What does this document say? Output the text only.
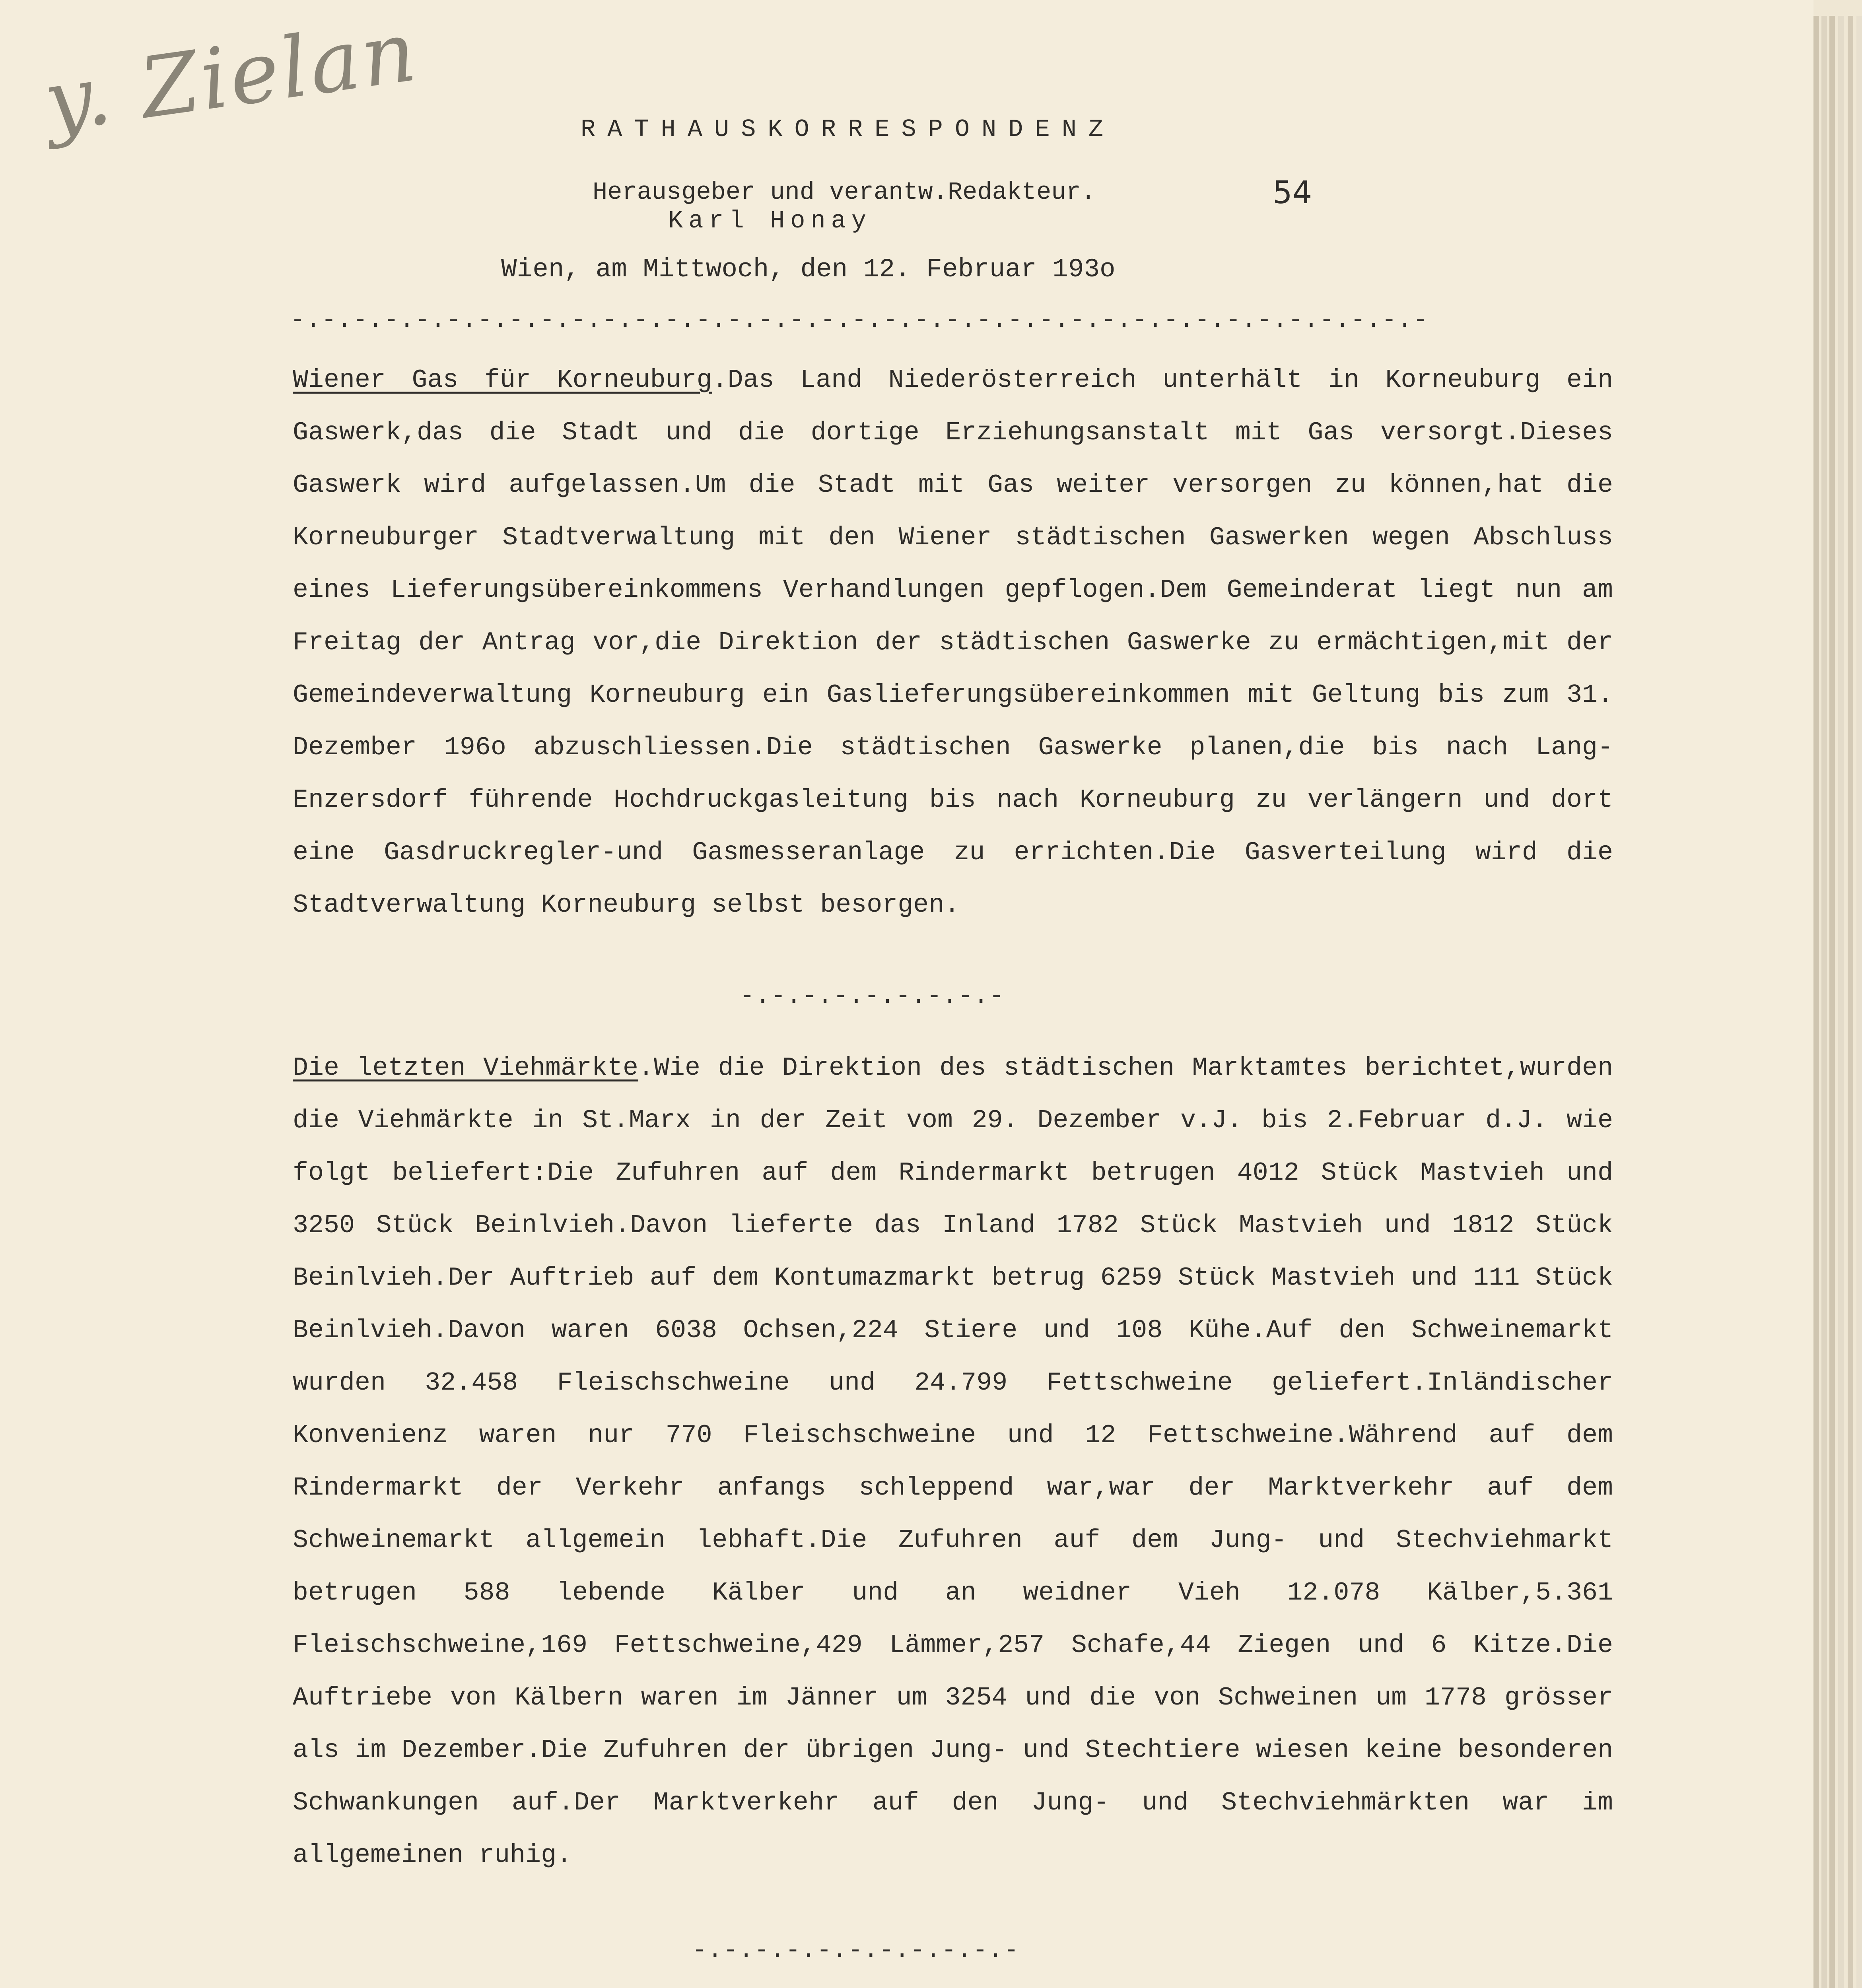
y. Zielan	RATHAUSKORRESPONDENZ
Herausgeber und verantw.Redakteur.
Karl Honay
54
Wien, am Mittwoch, den 12. Februar 193o
-.-.-.-.-.-.-.-.-.-.-.-.-.-.-.-.-.-.-.-.-.-.-.-.-.-.-.-.-.-.-.-.-.-.-.-.-

Wiener Gas für Korneuburg.Das Land Niederösterreich unterhält in Korneuburg ein Gaswerk,das die Stadt und die dortige Erziehungsanstalt mit Gas versorgt.Dieses Gaswerk wird aufgelassen.Um die Stadt mit Gas weiter versorgen zu können,hat die Korneuburger Stadtverwaltung mit den Wiener städtischen Gaswerken wegen Abschluss eines Lieferungsübereinkommens Verhandlungen gepflogen.Dem Gemeinderat liegt nun am Freitag der Antrag vor,die Direktion der städtischen Gaswerke zu ermächtigen,mit der Gemeindeverwaltung Korneuburg ein Gaslieferungsübereinkommen mit Geltung bis zum 31. Dezember 196o abzuschliessen.Die städtischen Gaswerke planen,die bis nach Lang-Enzersdorf führende Hochdruckgasleitung bis nach Korneuburg zu verlängern und dort eine Gasdruckregler-und Gasmesseranlage zu errichten.Die Gasverteilung wird die Stadtverwaltung Korneuburg selbst besorgen.

-.-.-.-.-.-.-.-.-

Die letzten Viehmärkte.Wie die Direktion des städtischen Marktamtes berichtet,wurden die Viehmärkte in St.Marx in der Zeit vom 29. Dezember v.J. bis 2.Februar d.J. wie folgt beliefert:Die Zufuhren auf dem Rindermarkt betrugen 4012 Stück Mastvieh und 3250 Stück Beinlvieh.Davon lieferte das Inland 1782 Stück Mastvieh und 1812 Stück Beinlvieh.Der Auftrieb auf dem Kontumazmarkt betrug 6259 Stück Mastvieh und 111 Stück Beinlvieh.Davon waren 6038 Ochsen,224 Stiere und 108 Kühe.Auf den Schweinemarkt wurden 32.458 Fleischschweine und 24.799 Fettschweine geliefert.Inländischer Konvenienz waren nur 770 Fleischschweine und 12 Fettschweine.Während auf dem Rindermarkt der Verkehr anfangs schleppend war,war der Marktverkehr auf dem Schweinemarkt allgemein lebhaft.Die Zufuhren auf dem Jung- und Stechviehmarkt betrugen 588 lebende Kälber und an weidner Vieh 12.078 Kälber,5.361 Fleischschweine,169 Fettschweine,429 Lämmer,257 Schafe,44 Ziegen und 6 Kitze.Die Auftriebe von Kälbern waren im Jänner um 3254 und die von Schweinen um 1778 grösser als im Dezember.Die Zufuhren der übrigen Jung- und Stechtiere wiesen keine besonderen Schwankungen auf.Der Marktverkehr auf den Jung- und Stechviehmärkten war im allgemeinen ruhig.

-.-.-.-.-.-.-.-.-.-.-
